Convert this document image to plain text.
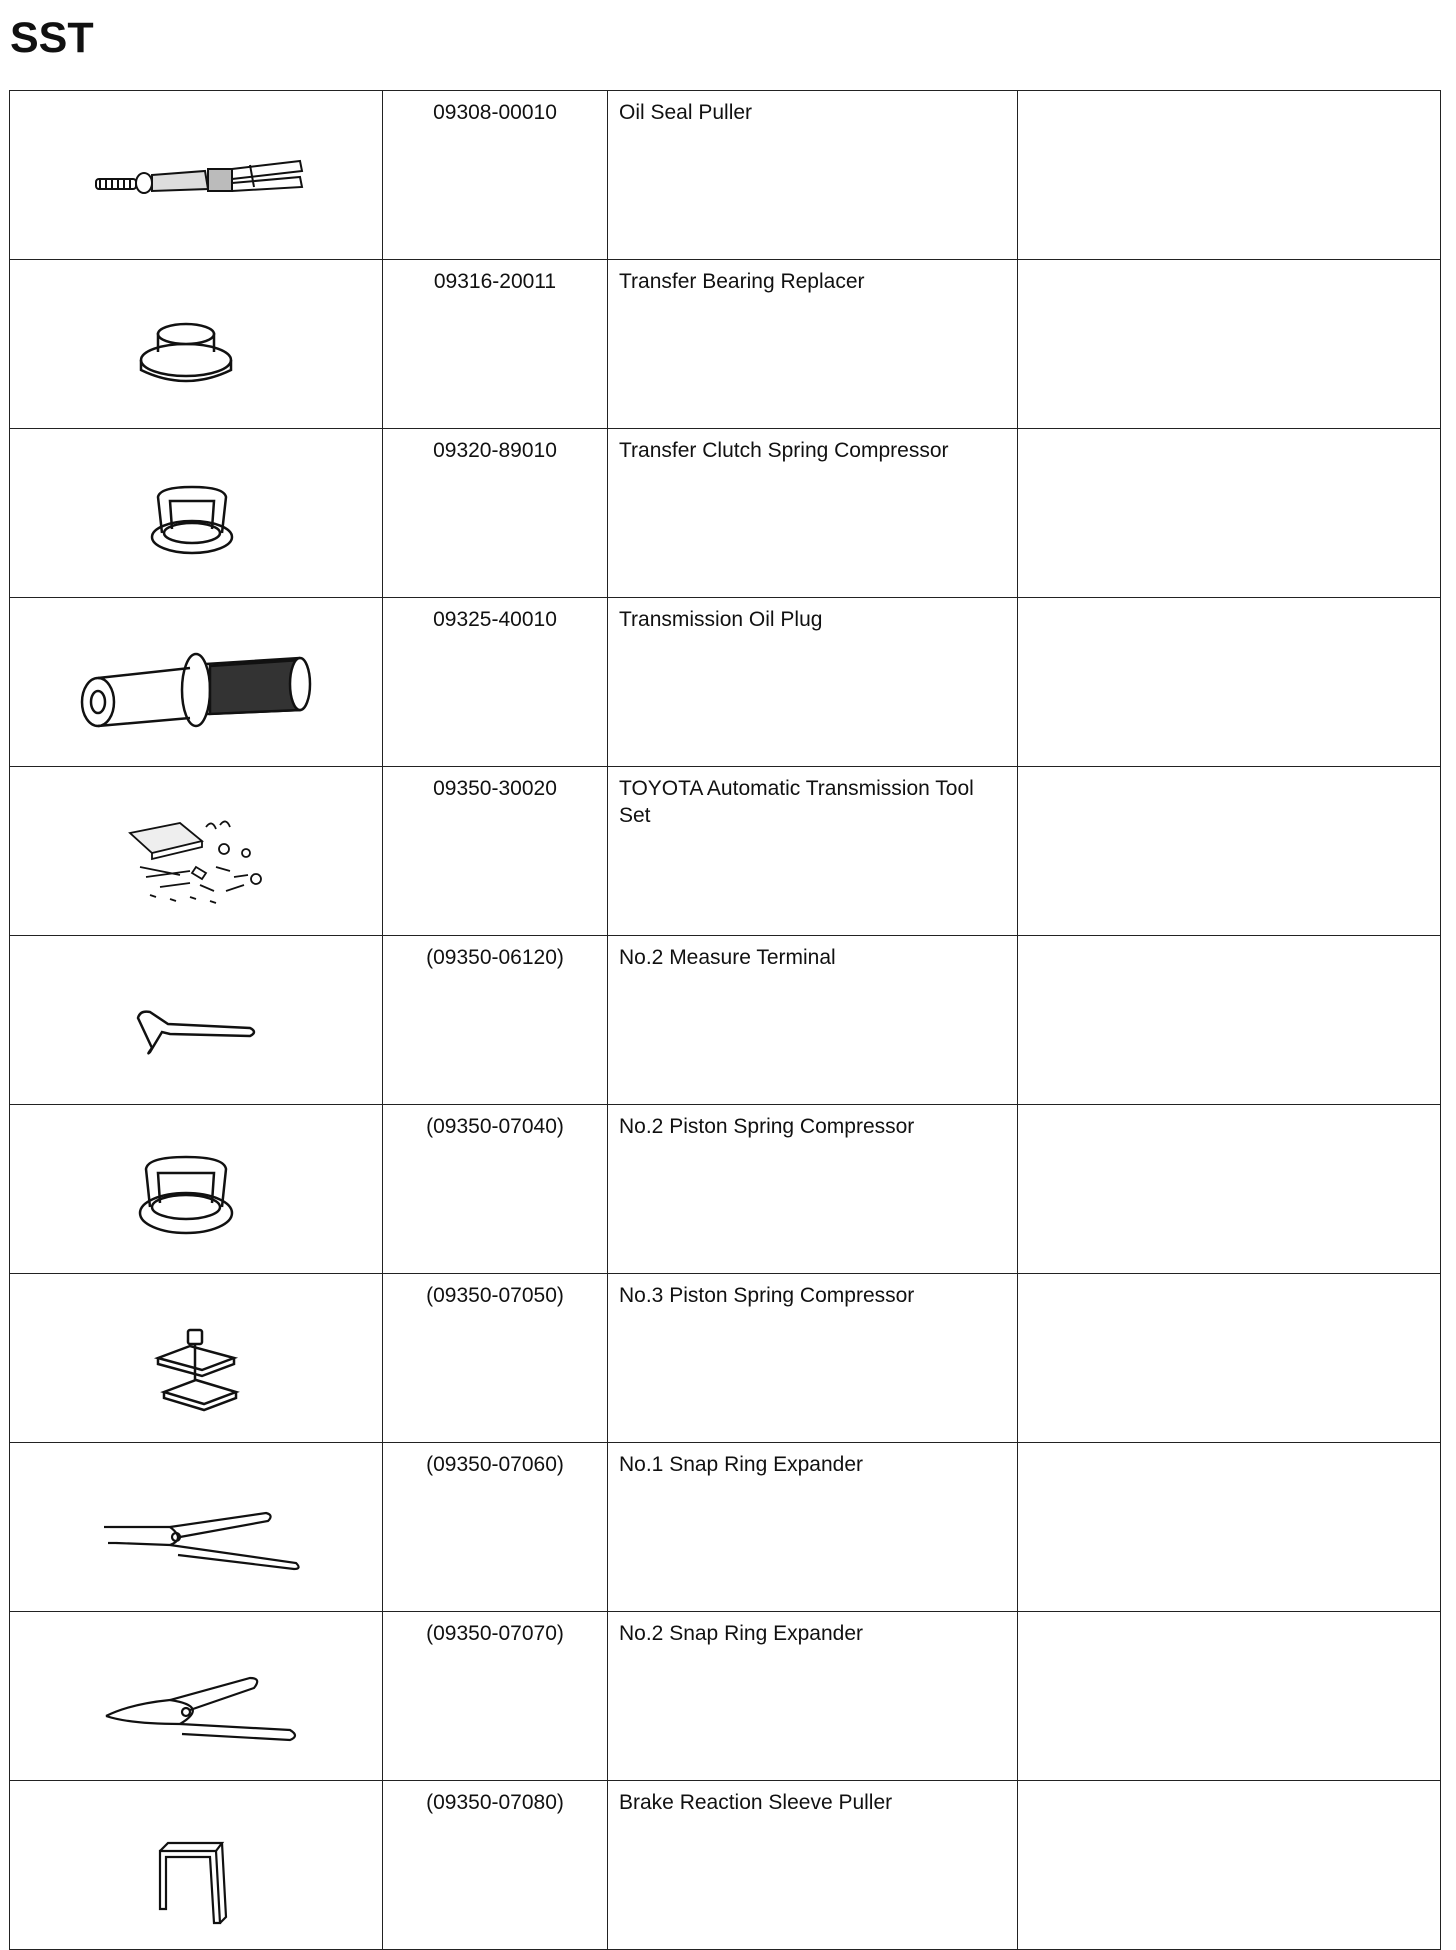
SST
	09308-00010	Oil Seal Puller	

	09316-20011	Transfer Bearing Replacer	

	09320-89010	Transfer Clutch Spring Compressor	

	09325-40010	Transmission Oil Plug	

	09350-30020	TOYOTA Automatic Transmission Tool Set	

	(09350-06120)	No.2 Measure Terminal	

	(09350-07040)	No.2 Piston Spring Compressor	

	(09350-07050)	No.3 Piston Spring Compressor	

	(09350-07060)	No.1 Snap Ring Expander	

	(09350-07070)	No.2 Snap Ring Expander	

	(09350-07080)	Brake Reaction Sleeve Puller	
